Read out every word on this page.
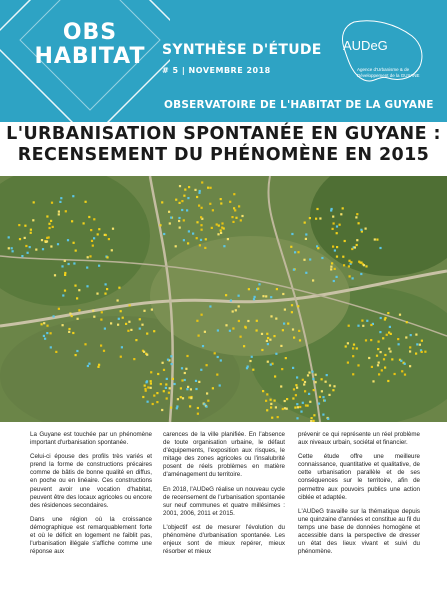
OBS
HABITAT	SYNTHÈSE D'ÉTUDE
# 5 | NOVEMBRE 2018
AUDeG
Agence d'Urbanisme & de Développement de la GUYANE
OBSERVATOIRE DE L'HABITAT DE LA GUYANE
L'URBANISATION SPONTANÉE EN GUYANE :
RECENSEMENT DU PHÉNOMÈNE EN 2015

La Guyane est touchée par un phénomène important d'urbanisation spontanée.

Celui-ci épouse des profils très variés et prend la forme de constructions précaires comme de bâtis de bonne qualité en diffus, en poche ou en linéaire. Ces constructions peuvent avoir une vocation d'habitat, peuvent être des locaux agricoles ou encore des résidences secondaires.

Dans une région où la croissance démographique est remarquablement forte et où le déficit en logement ne faiblit pas, l'urbanisation illégale s'affiche comme une réponse aux

carences de la ville planifiée. En l'absence de toute organisation urbaine, le défaut d'équipements, l'exposition aux risques, le mitage des zones agricoles ou l'insalubrité posent de réels problèmes en matière d'aménagement du territoire.

En 2018, l'AUDeG réalise un nouveau cycle de recensement de l'urbanisation spontanée sur neuf communes et quatre millésimes : 2001, 2006, 2011 et 2015.

L'objectif est de mesurer l'évolution du phénomène d'urbanisation spontanée. Les enjeux sont de mieux repérer, mieux résorber et mieux

prévenir ce qui représente un réel problème aux niveaux urbain, sociétal et financier.

Cette étude offre une meilleure connaissance, quantitative et qualitative, de cette urbanisation parallèle et de ses conséquences sur le territoire, afin de permettre aux pouvoirs publics une action ciblée et adaptée.

L'AUDeG travaille sur la thématique depuis une quinzaine d'années et constitue au fil du temps une base de données homogène et accessible dans la perspective de dresser un état des lieux vivant et suivi du phénomène.
